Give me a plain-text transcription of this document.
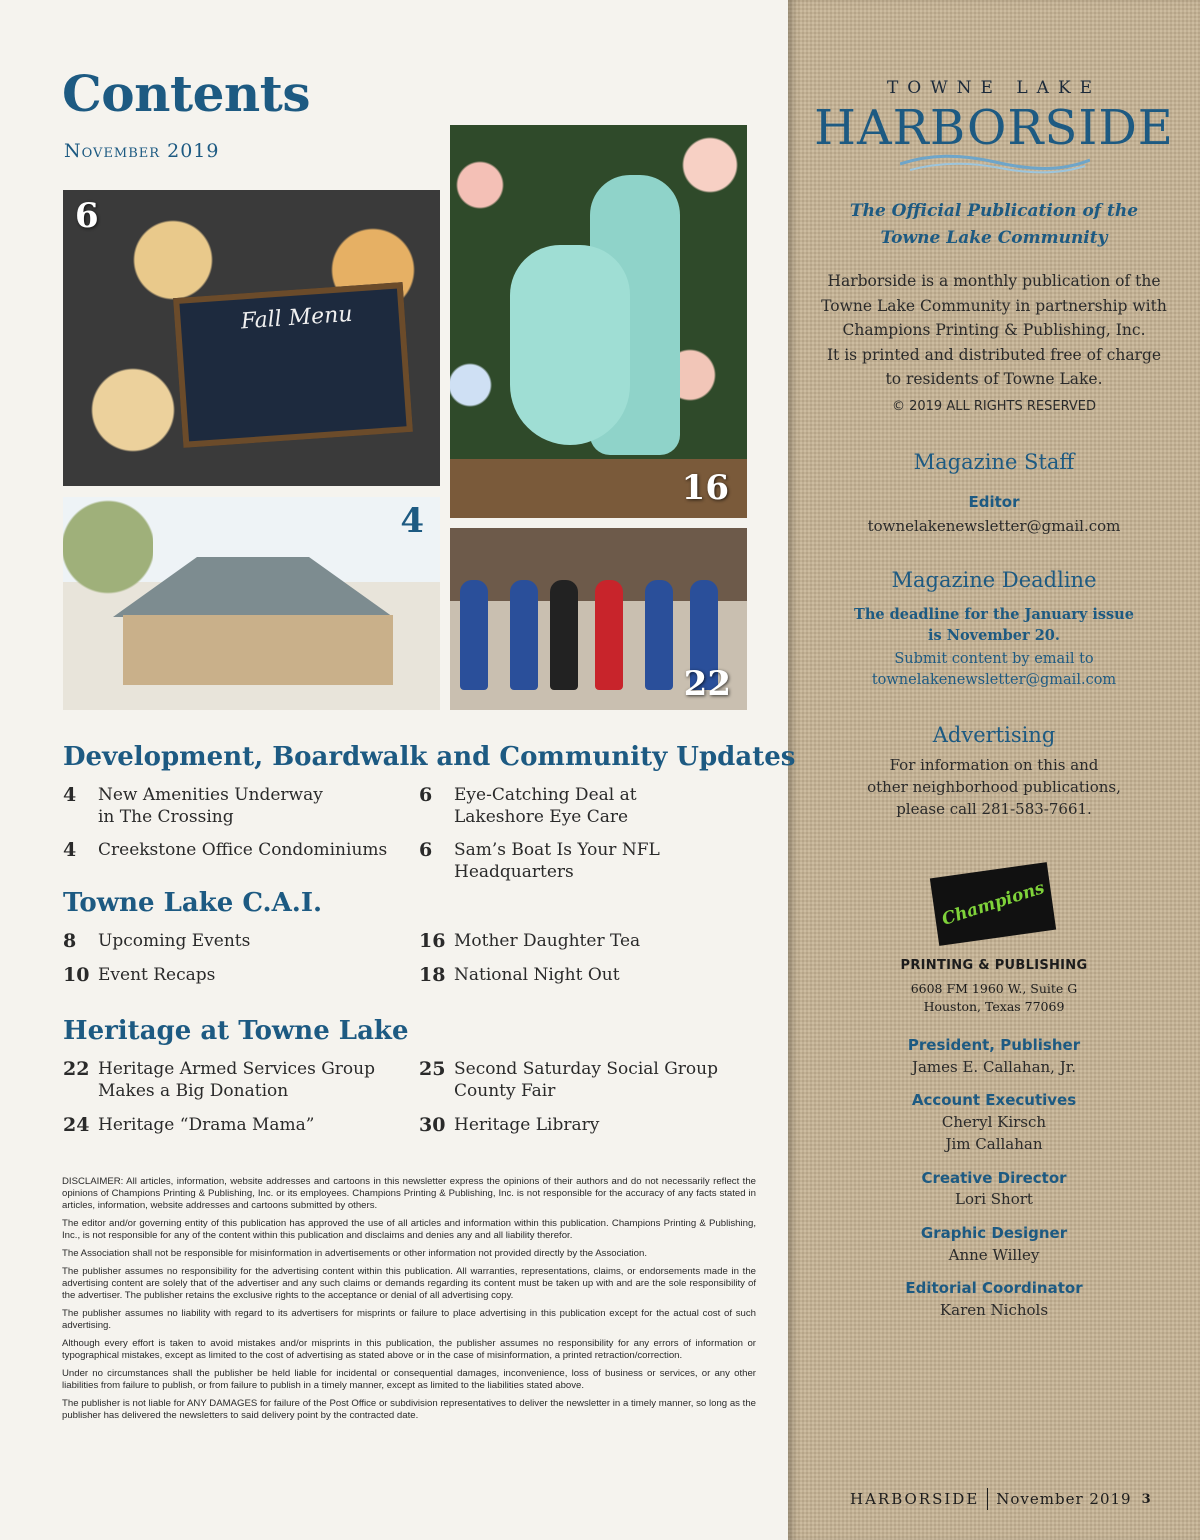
Contents
November 2019
Fall Menu
6
16
4
22
Development, Boardwalk and Community Updates
4	New Amenities Underway
in The Crossing
6	Eye-Catching Deal at
Lakeshore Eye Care
4	Creekstone Office Condominiums	6	Sam’s Boat Is Your NFL Headquarters
Towne Lake C.A.I.
8	Upcoming Events	16 Mother Daughter Tea
10 Event Recaps	18 National Night Out
Heritage at Towne Lake
22 Heritage Armed Services Group
Makes a Big Donation
25 Second Saturday Social Group
County Fair
24 Heritage “Drama Mama”	30 Heritage Library

DISCLAIMER: All articles, information, website addresses and cartoons in this newsletter express the opinions of their authors and do not necessarily reflect the opinions of Champions Printing & Publishing, Inc. or its employees. Champions Printing & Publishing, Inc. is not responsible for the accuracy of any facts stated in articles, information, website addresses and cartoons submitted by others.

The editor and/or governing entity of this publication has approved the use of all articles and information within this publication. Champions Printing & Publishing, Inc., is not responsible for any of the content within this publication and disclaims and denies any and all liability therefor.

The Association shall not be responsible for misinformation in advertisements or other information not provided directly by the Association.

The publisher assumes no responsibility for the advertising content within this publication. All warranties, representations, claims, or endorsements made in the advertising content are solely that of the advertiser and any such claims or demands regarding its content must be taken up with and are the sole responsibility of the advertiser. The publisher retains the exclusive rights to the acceptance or denial of all advertising copy.

The publisher assumes no liability with regard to its advertisers for misprints or failure to place advertising in this publication except for the actual cost of such advertising.

Although every effort is taken to avoid mistakes and/or misprints in this publication, the publisher assumes no responsibility for any errors of information or typographical mistakes, except as limited to the cost of advertising as stated above or in the case of misinformation, a printed retraction/correction.

Under no circumstances shall the publisher be held liable for incidental or consequential damages, inconvenience, loss of business or services, or any other liabilities from failure to publish, or from failure to publish in a timely manner, except as limited to the liabilities stated above.

The publisher is not liable for ANY DAMAGES for failure of the Post Office or subdivision representatives to deliver the newsletter in a timely manner, so long as the publisher has delivered the newsletters to said delivery point by the contracted date.

TOWNE LAKE
HARBORSIDE
The Official Publication of the
Towne Lake Community
Harborside is a monthly publication of the
Towne Lake Community in partnership with
Champions Printing & Publishing, Inc.
It is printed and distributed free of charge
to residents of Towne Lake.
© 2019 ALL RIGHTS RESERVED
Magazine Staff
Editor
townelakenewsletter@gmail.com
Magazine Deadline
The deadline for the January issue
is November 20.
Submit content by email to
townelakenewsletter@gmail.com
Advertising
For information on this and
other neighborhood publications,
please call 281-583-7661.
Champions
PRINTING & PUBLISHING
6608 FM 1960 W., Suite G
Houston, Texas 77069
President, Publisher
James E. Callahan, Jr.
Account Executives
Cheryl Kirsch
Jim Callahan
Creative Director
Lori Short
Graphic Designer
Anne Willey
Editorial Coordinator
Karen Nichols
HARBORSIDE November 2019 3
